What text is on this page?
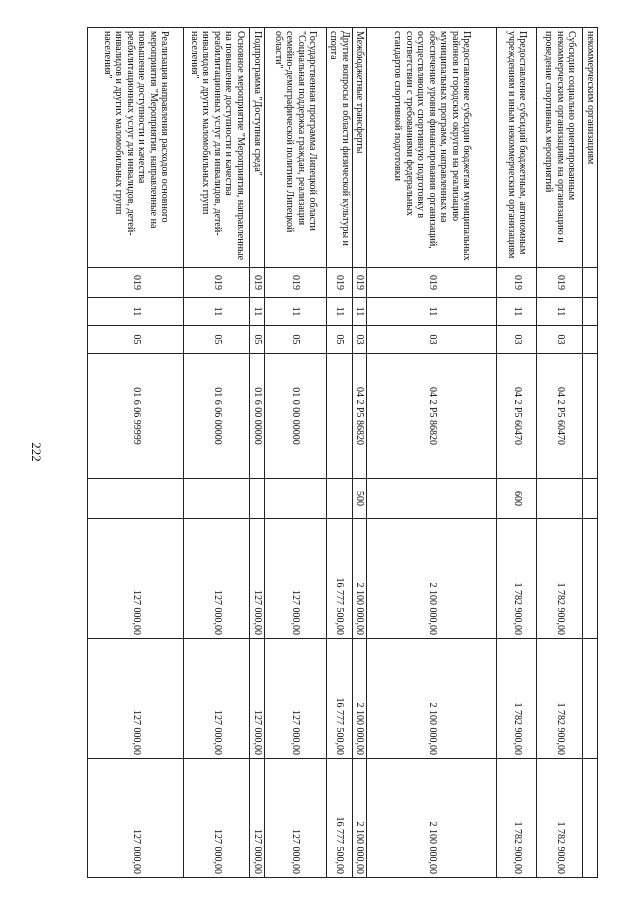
222
некоммерческим организациям								
Субсидии социально ориентированным некоммерческим организациям на организацию и проведение спортивных мероприятий	019	11	03	04 2 Р5 60470		1 782 900,00	1 782 900,00	1 782 900,00
Предоставление субсидий бюджетным, автономным учреждениям и иным некоммерческим организациям	019	11	03	04 2 Р5 60470	600	1 782 900,00	1 782 900,00	1 782 900,00
Предоставление субсидии бюджетам муниципальных районов и городских округов на реализацию муниципальных программ, направленных на обеспечение уровня финансирования организаций, осуществляющих спортивную подготовку в соответствии с требованиями федеральных стандартов спортивной подготовки	019	11	03	04 2 Р5 86820		2 100 000,00	2 100 000,00	2 100 000,00
Межбюджетные трансферты	019	11	03	04 2 Р5 86820	500	2 100 000,00	2 100 000,00	2 100 000,00
Другие вопросы в области физической культуры и спорта	019	11	05			16 777 500,00	16 777 500,00	16 777 500,00
Государственная программа Липецкой области "Социальная поддержка граждан, реализация семейно-демографической политики Липецкой области"	019	11	05	01 0 00 00000		127 000,00	127 000,00	127 000,00
Подпрограмма "Доступная среда"	019	11	05	01 6 00 00000		127 000,00	127 000,00	127 000,00
Основное мероприятие "Мероприятия, направленные на повышение доступности и качества реабилитационных услуг для инвалидов, детей-инвалидов и других маломобильных групп населения"	019	11	05	01 6 06 00000		127 000,00	127 000,00	127 000,00
Реализация направления расходов основного мероприятия "Мероприятия, направленные на повышение доступности и качества реабилитационных услуг для инвалидов, детей-инвалидов и других маломобильных групп населения"	019	11	05	01 6 06 99999		127 000,00	127 000,00	127 000,00
